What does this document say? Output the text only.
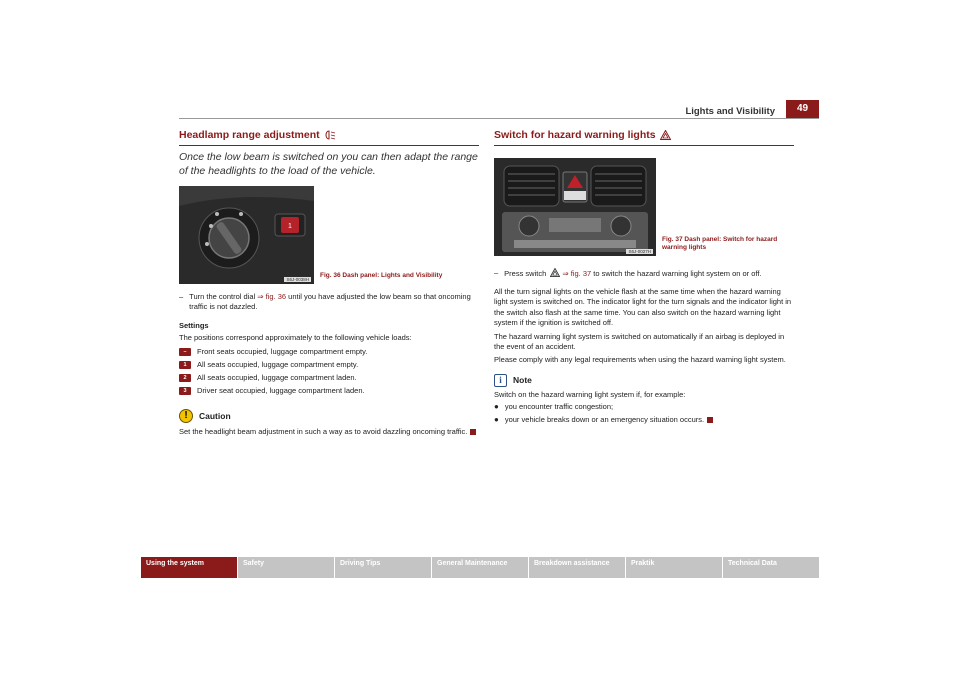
Lights and Visibility	49
Headlamp range adjustment
Once the low beam is switched on you can then adapt the range of the headlights to the load of the vehicle.
1
S6J-0038H
Fig. 36 Dash panel: Lights and Visibility
– Turn the control dial ⇒ fig. 36 until you have adjusted the low beam so that oncoming traffic is not dazzled.
Settings
The positions correspond approximately to the following vehicle loads:
–	Front seats occupied, luggage compartment empty.
1	All seats occupied, luggage compartment empty.
2	All seats occupied, luggage compartment laden.
3	Driver seat occupied, luggage compartment laden.
!	Caution
Set the headlight beam adjustment in such a way as to avoid dazzling oncoming traffic.
Switch for hazard warning lights
S6J-0027H
Fig. 37 Dash panel: Switch for hazard warning lights
– Press switch ⇒ fig. 37 to switch the hazard warning light system on or off.
All the turn signal lights on the vehicle flash at the same time when the hazard warning light system is switched on. The indicator light for the turn signals and the indicator light in the switch also flash at the same time. You can also switch on the hazard warning light system if the ignition is switched off.
The hazard warning light system is switched on automatically if an airbag is deployed in the event of an accident.
Please comply with any legal requirements when using the hazard warning light system.
i	Note
Switch on the hazard warning light system if, for example:
● you encounter traffic congestion;
● your vehicle breaks down or an emergency situation occurs.
Using the system	Safety	Driving Tips	General Maintenance	Breakdown assistance	Praktik	Technical Data
